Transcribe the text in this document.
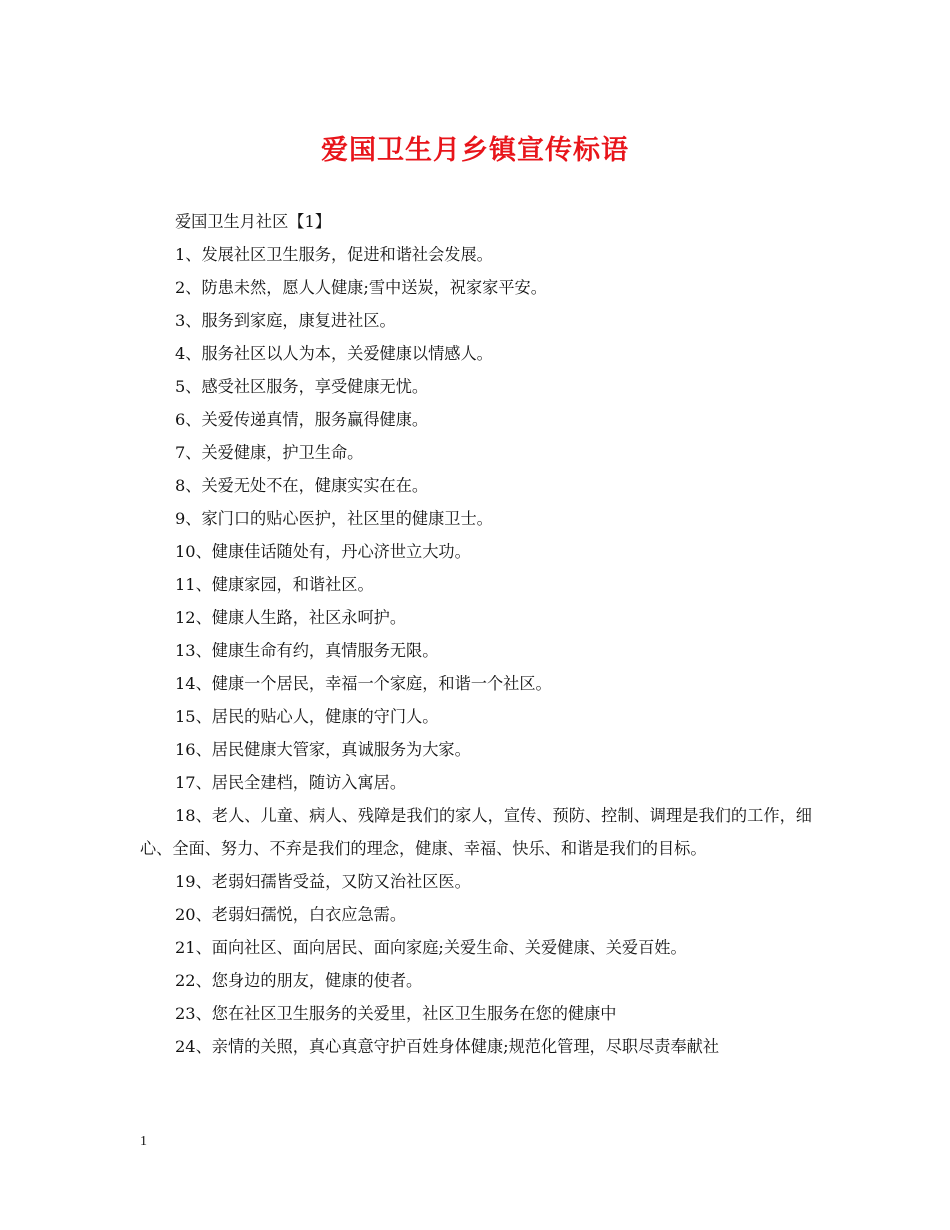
爱国卫生月乡镇宣传标语

爱国卫生月社区【1】

1、发展社区卫生服务，促进和谐社会发展。

2、防患未然，愿人人健康;雪中送炭，祝家家平安。

3、服务到家庭，康复进社区。

4、服务社区以人为本，关爱健康以情感人。

5、感受社区服务，享受健康无忧。

6、关爱传递真情，服务赢得健康。

7、关爱健康，护卫生命。

8、关爱无处不在，健康实实在在。

9、家门口的贴心医护，社区里的健康卫士。

10、健康佳话随处有，丹心济世立大功。

11、健康家园，和谐社区。

12、健康人生路，社区永呵护。

13、健康生命有约，真情服务无限。

14、健康一个居民，幸福一个家庭，和谐一个社区。

15、居民的贴心人，健康的守门人。

16、居民健康大管家，真诚服务为大家。

17、居民全建档，随访入寓居。

18、老人、儿童、病人、残障是我们的家人，宣传、预防、控制、调理是我们的工作，细心、全面、努力、不弃是我们的理念，健康、幸福、快乐、和谐是我们的目标。

19、老弱妇孺皆受益，又防又治社区医。

20、老弱妇孺悦，白衣应急需。

21、面向社区、面向居民、面向家庭;关爱生命、关爱健康、关爱百姓。

22、您身边的朋友，健康的使者。

23、您在社区卫生服务的关爱里，社区卫生服务在您的健康中

24、亲情的关照，真心真意守护百姓身体健康;规范化管理，尽职尽责奉献社

1
